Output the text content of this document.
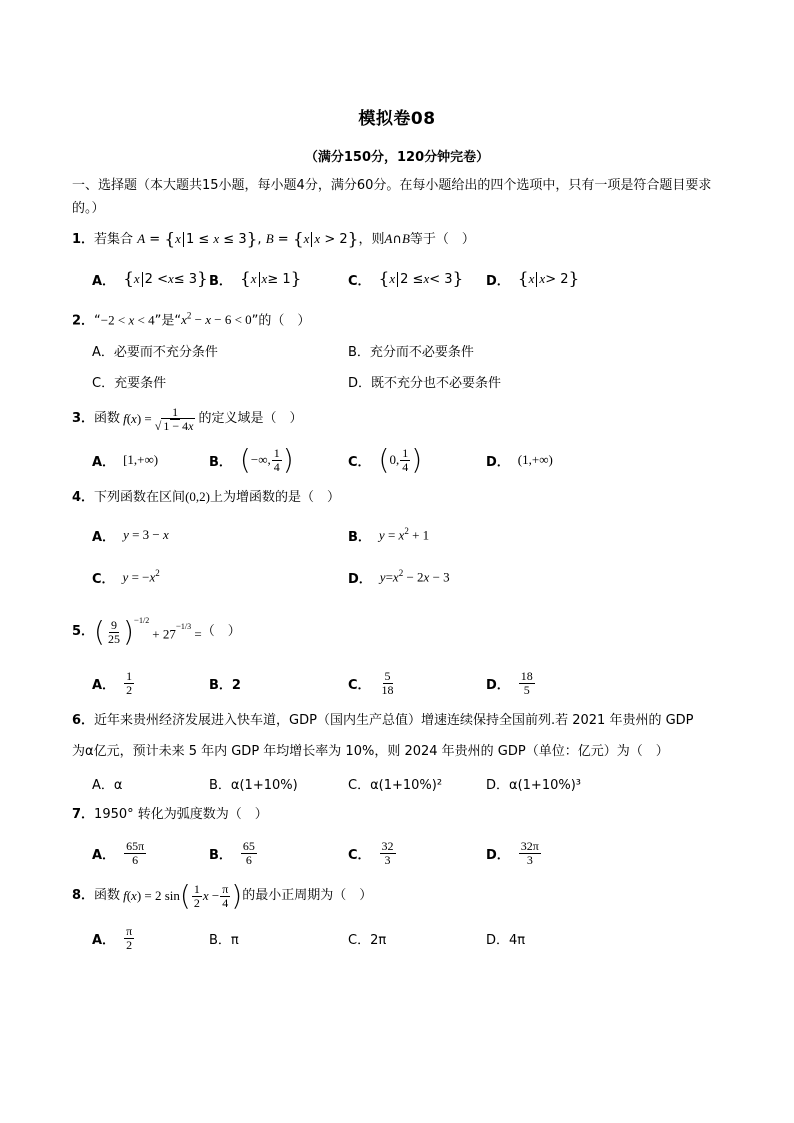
模拟卷08
（满分150分，120分钟完卷）
一、选择题（本大题共15小题，每小题4分，满分60分。在每小题给出的四个选项中，只有一项是符合题目要求的。）
1．若集合 A = {x 1 ≤ x ≤ 3}, B = {x x > 2}，则A∩B等于（　）
A． { x 2 < x ≤ 3 } B． { x x ≥ 1 }	C． { x 2 ≤ x < 3 } D． { x x > 2 }
2．“−2 < x < 4”是“$x^2 - x - 6 < 0$”的（　）
A．必要而不充分条件	B．充分而不必要条件
C．充要条件	D．既不充分也不必要条件
3． 函数 $f(x) = \frac{1}{√ 1 - 4x}$ 的定义域是（　）
A． [1,+∞)	B． ( −∞, $\frac{1}{4}$ )	C． ( 0, $\frac{1}{4}$ )	D． (1,+∞)
4．下列函数在区间(0,2)上为增函数的是（　）
A． y = 3 − x	B． $y = x^2 + 1$
C． $y = -x^2$	D． $y=x^2 - 2x - 3$
5． ( $\frac{9}{25} )^{-1/2}$
+ $27^{-1/3}$ = （　）
A． $\frac{1}{2}$	B．2	C． $\frac{5}{18}$	D． $\frac{18}{5}$
6．近年来贵州经济发展进入快车道，GDP（国内生产总值）增速连续保持全国前列.若 2021 年贵州的 GDP
为α亿元，预计未来 5 年内 GDP 年均增长率为 10%，则 2024 年贵州的 GDP（单位：亿元）为（　）
A．α	B．α(1+10%)	C．α(1+10%)²	D．α(1+10%)³
7．1950° 转化为弧度数为（　）
A． $\frac{65\pi}{6}$	B． $\frac{65}{6}$	C． $\frac{32}{3}$	D． $\frac{32\pi}{3}$
8． 函数 f(x) = 2 sin ( $\frac{1}{2}$ $x - \frac{\pi}{4}$ ) 的最小正周期为（　）
A． $\frac{\pi}{2}$	B．π	C．2π	D．4π
